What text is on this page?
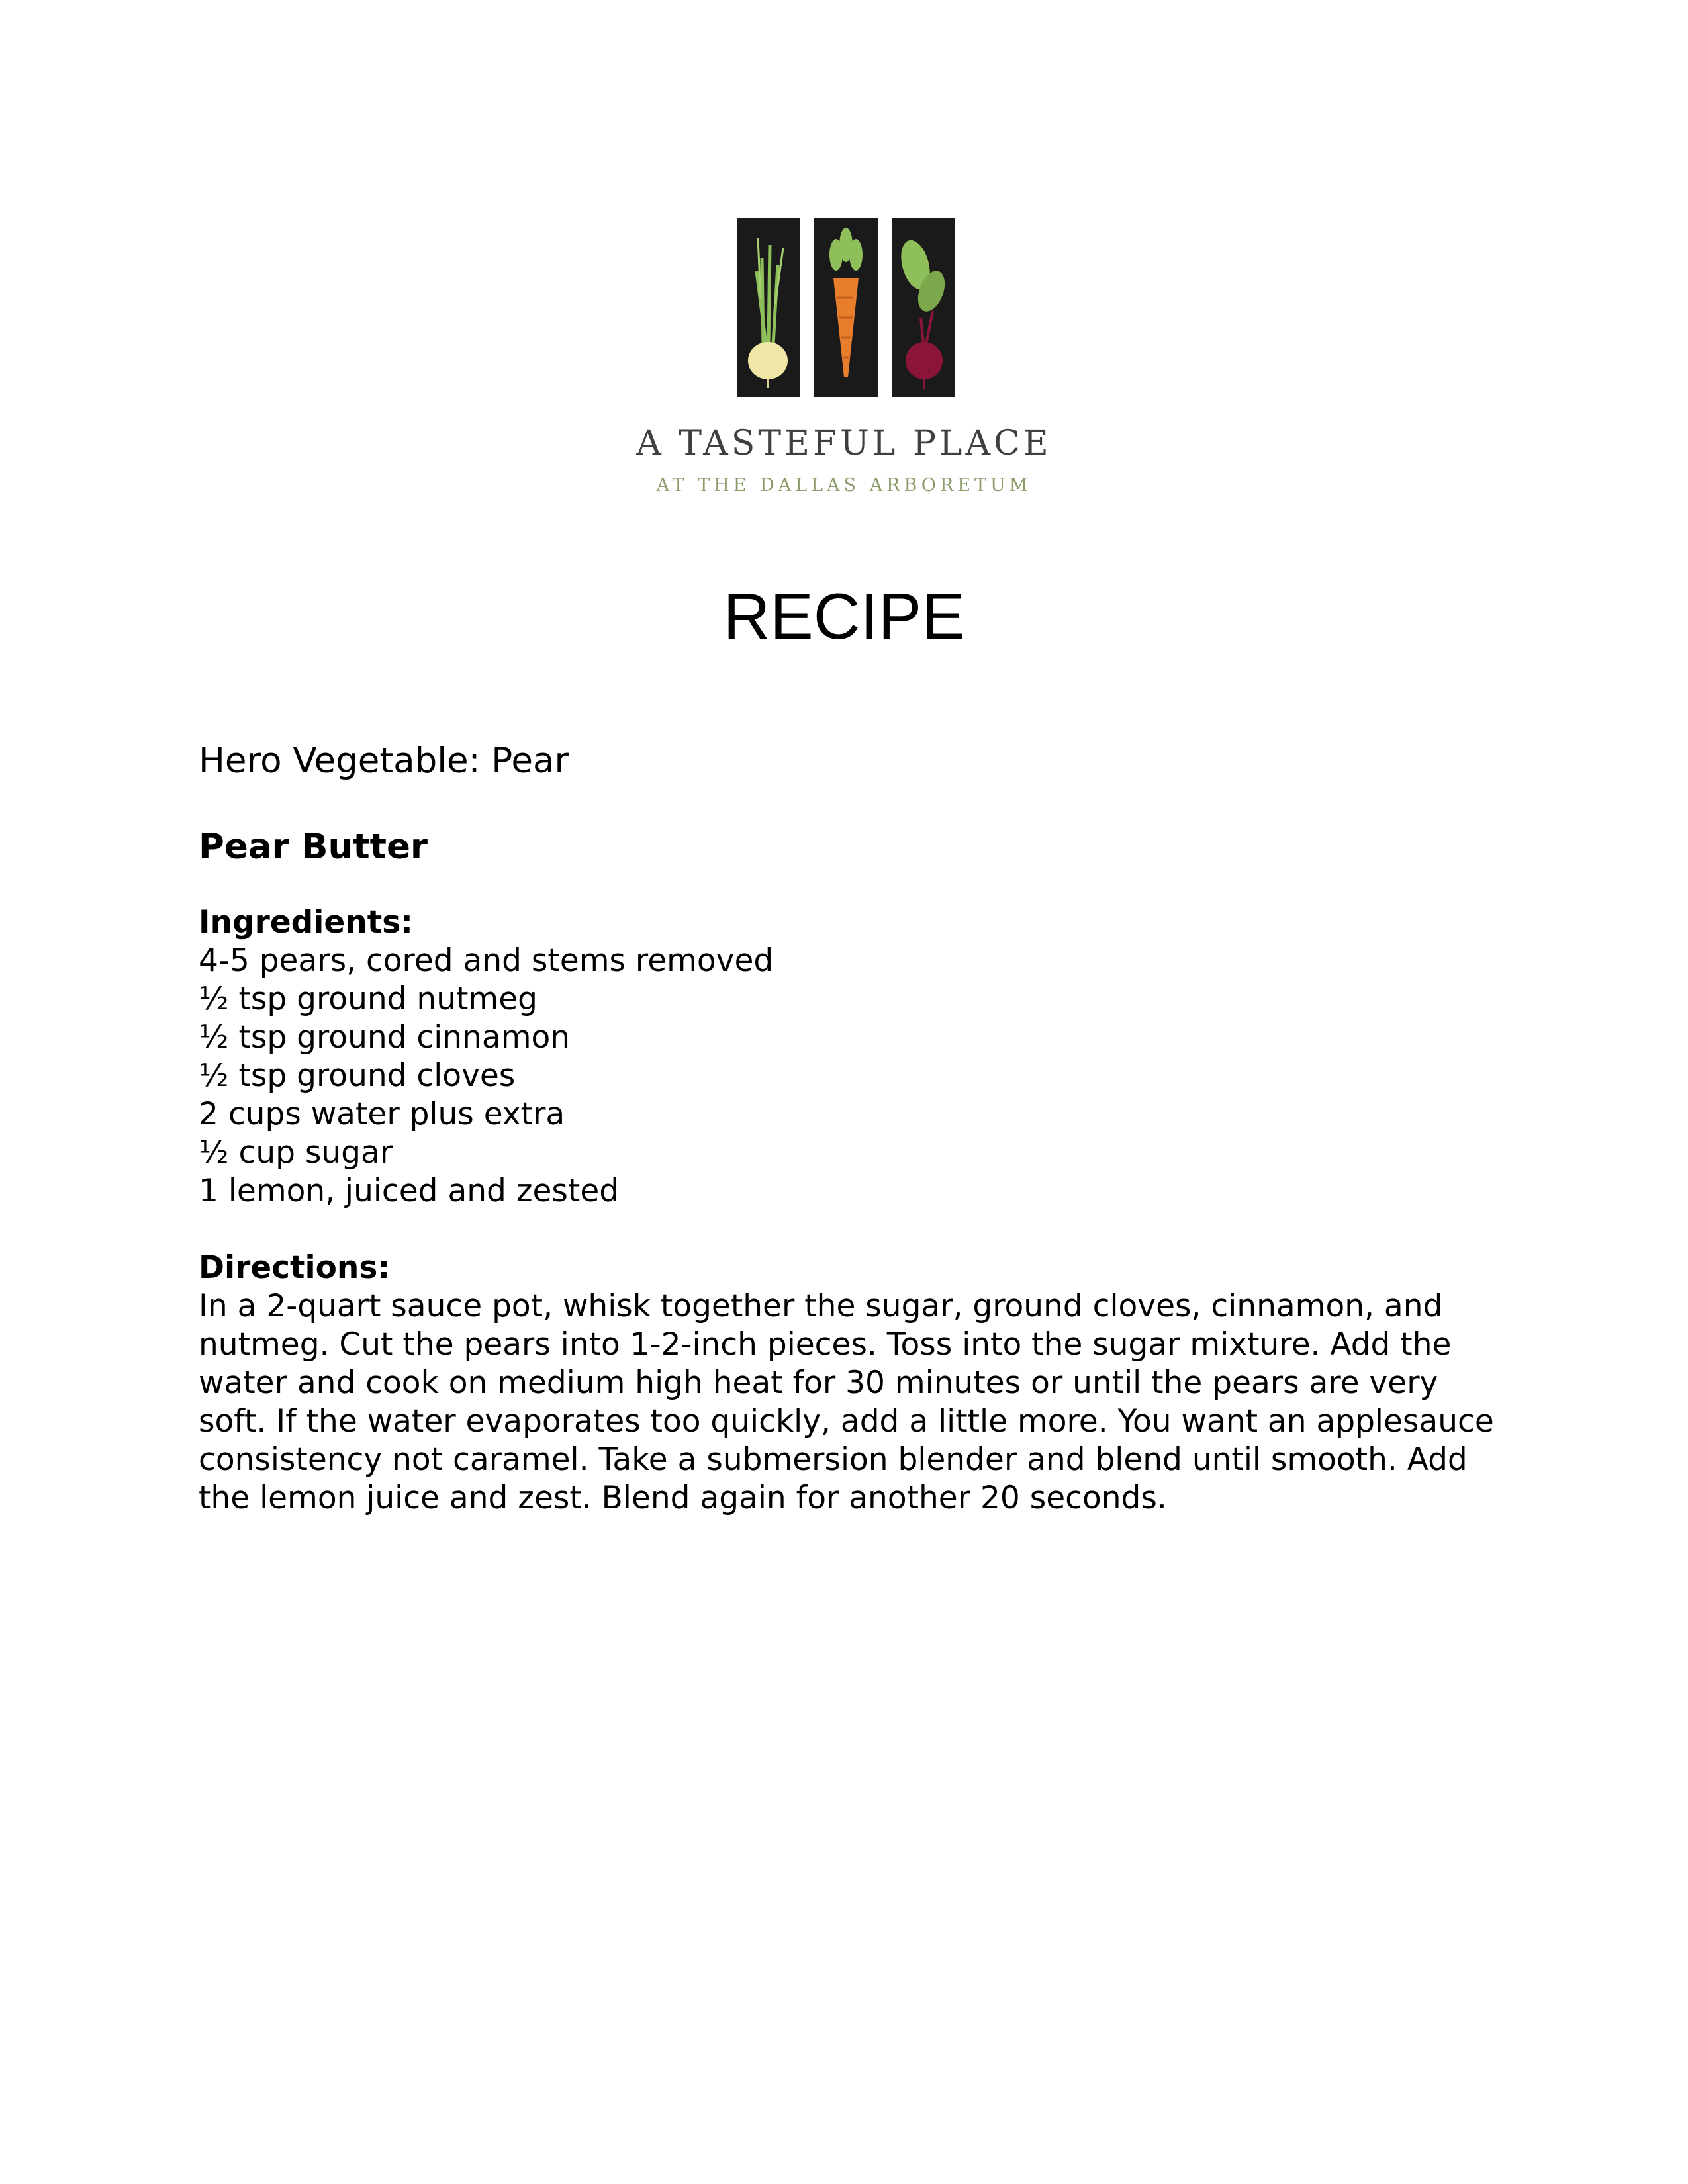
A TASTEFUL PLACE
AT THE DALLAS ARBORETUM
RECIPE

Hero Vegetable: Pear

Pear Butter

Ingredients:

4-5 pears, cored and stems removed
½ tsp ground nutmeg
½ tsp ground cinnamon
½ tsp ground cloves
2 cups water plus extra
½ cup sugar
1 lemon, juiced and zested

Directions:

In a 2-quart sauce pot, whisk together the sugar, ground cloves, cinnamon, and nutmeg. Cut the pears into 1-2-inch pieces. Toss into the sugar mixture. Add the water and cook on medium high heat for 30 minutes or until the pears are very soft. If the water evaporates too quickly, add a little more. You want an applesauce consistency not caramel. Take a submersion blender and blend until smooth. Add the lemon juice and zest. Blend again for another 20 seconds.
